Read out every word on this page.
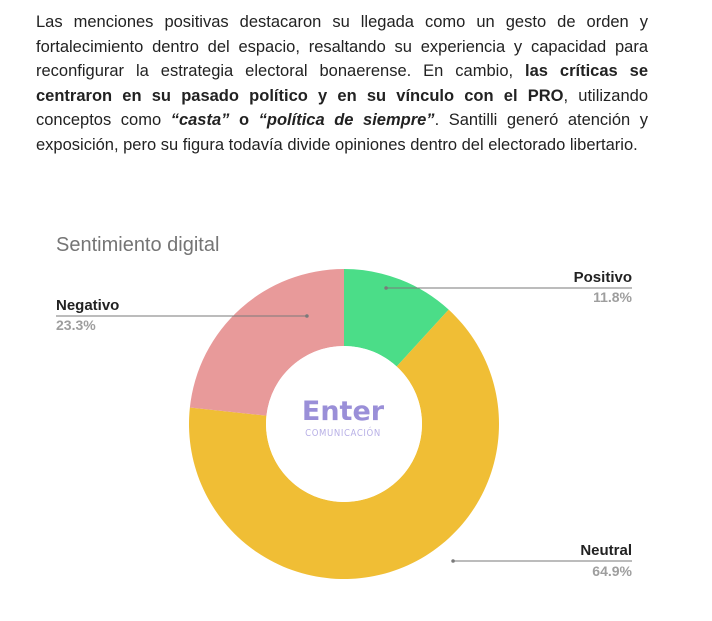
Las menciones positivas destacaron su llegada como un gesto de orden y fortalecimiento dentro del espacio, resaltando su experiencia y capacidad para reconfigurar la estrategia electoral bonaerense. En cambio, las críticas se centraron en su pasado político y en su vínculo con el PRO, utilizando conceptos como “casta” o “política de siempre”. Santilli generó atención y exposición, pero su figura todavía divide opiniones dentro del electorado libertario.

Sentimiento digital
Enter
COMUNICACIÓN
Positivo
11.8%
Neutral
64.9%
Negativo
23.3%
